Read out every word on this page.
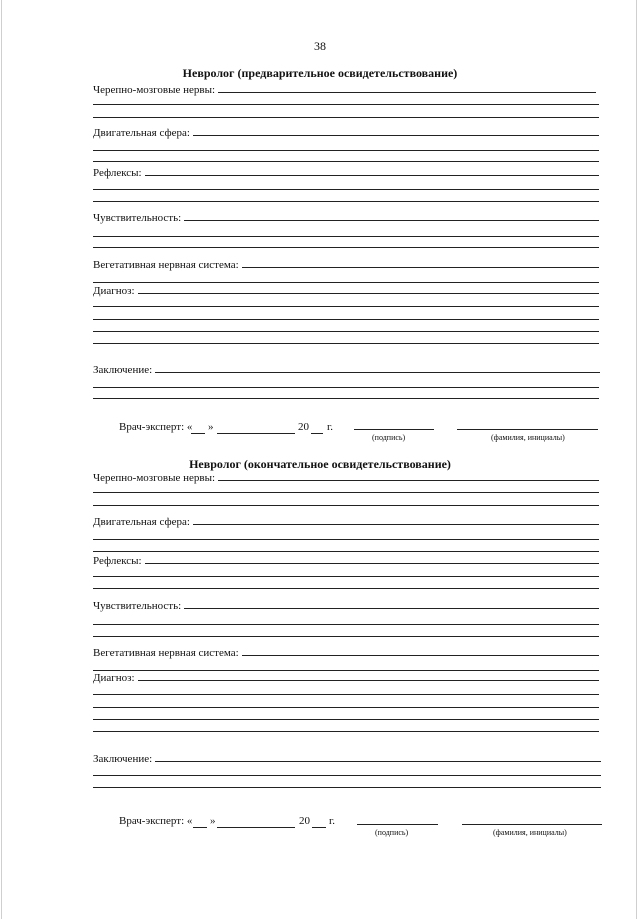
38
Невролог (предварительное освидетельствование)
Черепно-мозговые нервы:
Двигательная сфера:
Рефлексы:
Чувствительность:
Вегетативная нервная система:
Диагноз:
Заключение:
Врач-эксперт: « »	20 г.
(подпись)	(фамилия, инициалы)
Невролог (окончательное освидетельствование)
Черепно-мозговые нервы:
Двигательная сфера:
Рефлексы:
Чувствительность:
Вегетативная нервная система:
Диагноз:
Заключение:
Врач-эксперт: « »	20 г.
(подпись)	(фамилия, инициалы)
